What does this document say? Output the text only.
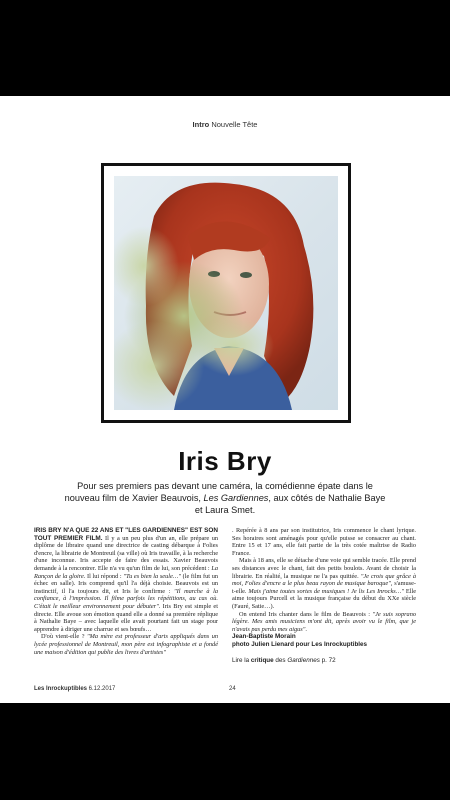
Intro Nouvelle Tête
Iris Bry
Pour ses premiers pas devant une caméra, la comédienne épate dans le nouveau film de Xavier Beauvois, Les Gardiennes, aux côtés de Nathalie Baye et Laura Smet.

IRIS BRY N'A QUE 22 ANS ET "LES GARDIENNES" EST SON TOUT PREMIER FILM. Il y a un peu plus d'un an, elle prépare un diplôme de libraire quand une directrice de casting débarque à Folies d'encre, la librairie de Montreuil (sa ville) où Iris travaille, à la recherche d'une inconnue. Iris accepte de faire des essais. Xavier Beauvois demande à la rencontrer. Elle n'a vu qu'un film de lui, son précédent : La Rançon de la gloire. Il lui répond : "Tu es bien la seule…" (le film fut un échec en salle). Iris comprend qu'il l'a déjà choisie. Beauvois est un instinctif, il l'a toujours dit, et Iris le confirme : "Il marche à la confiance, à l'impréssion. Il filme parfois les répétitions, au cas où. C'était le meilleur environnement pour débuter". Iris Bry est simple et directe. Elle avoue son émotion quand elle a donné sa première réplique à Nathalie Baye – avec laquelle elle avait pourtant fait un stage pour apprendre à diriger une charrue et ses bœufs…

D'où vient-elle ? "Ma mère est professeur d'arts appliqués dans un lycée professionnel de Montreuil, mon père est infographiste et a fondé une maison d'édition qui publie des livres d'artistes"

. Repérée à 8 ans par son institutrice, Iris commence le chant lyrique. Ses horaires sont aménagés pour qu'elle puisse se consacrer au chant. Entre 15 et 17 ans, elle fait partie de la très cotée maîtrise de Radio France.

Mais à 18 ans, elle se détache d'une voie qui semble tracée. Elle prend ses distances avec le chant, fait des petits boulots. Avant de choisir la librairie. En réalité, la musique ne l'a pas quittée. "Je crois que grâce à moi, Folies d'encre a le plus beau rayon de musique baroque", s'amuse-t-elle. Mais j'aime toutes sortes de musiques ! Je lis Les Inrocks…" Elle aime toujours Purcell et la musique française du début du XXe siècle (Fauré, Satie…).

On entend Iris chanter dans le film de Beauvois : "Je suis soprano légère. Mes amis musiciens m'ont dit, après avoir vu le film, que je n'avais pas perdu mes aigus".

Jean-Baptiste Morain

photo Julien Lienard pour Les Inrockuptibles

Lire la critique des Gardiennes p. 72

Les Inrockuptibles 6.12.2017	24
